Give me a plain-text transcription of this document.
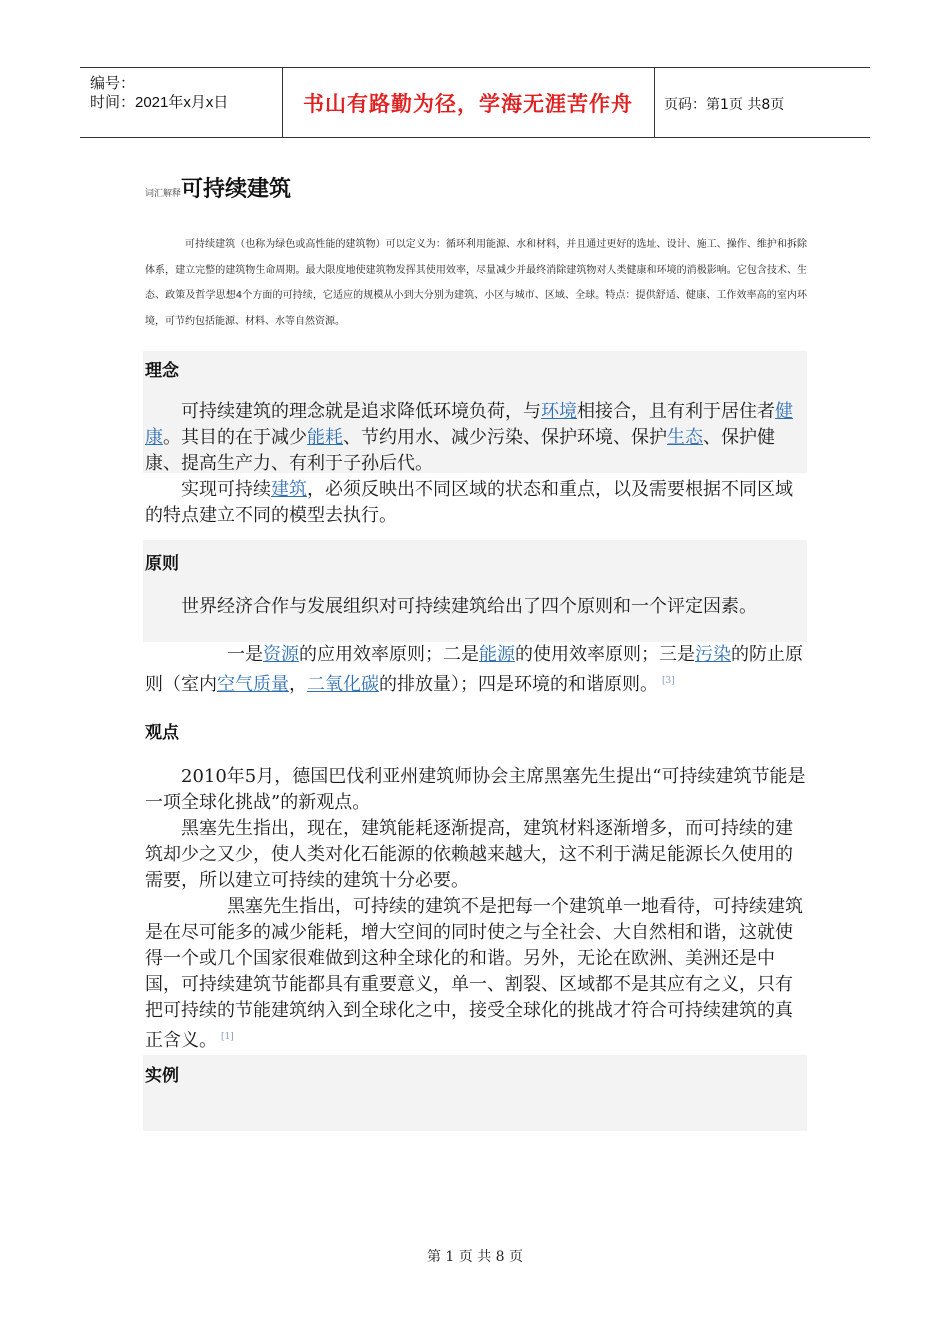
编号：
时间：2021年x月x日	书山有路勤为径，学海无涯苦作舟 页码：第1页 共8页
词汇解释可持续建筑

可持续建筑（也称为绿色或高性能的建筑物）可以定义为：循环利用能源、水和材料，并且通过更好的选址、设计、施工、操作、维护和拆除体系，建立完整的建筑物生命周期。最大限度地使建筑物发挥其使用效率，尽量减少并最终消除建筑物对人类健康和环境的消极影响。它包含技术、生态、政策及哲学思想4个方面的可持续，它适应的规模从小到大分别为建筑、小区与城市、区域、全球。特点：提供舒适、健康、工作效率高的室内环境，可节约包括能源、材料、水等自然资源。

理念

可持续建筑的理念就是追求降低环境负荷，与环境相接合，且有利于居住者健康。其目的在于减少能耗、节约用水、减少污染、保护环境、保护生态、保护健康、提高生产力、有利于子孙后代。

实现可持续建筑，必须反映出不同区域的状态和重点，以及需要根据不同区域的特点建立不同的模型去执行。

原则

世界经济合作与发展组织对可持续建筑给出了四个原则和一个评定因素。

一是资源的应用效率原则；二是能源的使用效率原则；三是污染的防止原则（室内空气质量，二氧化碳的排放量）；四是环境的和谐原则。 [3]

观点

2010年5月，德国巴伐利亚州建筑师协会主席黑塞先生提出“可持续建筑节能是一项全球化挑战”的新观点。

黑塞先生指出，现在，建筑能耗逐渐提高，建筑材料逐渐增多，而可持续的建筑却少之又少，使人类对化石能源的依赖越来越大，这不利于满足能源长久使用的需要，所以建立可持续的建筑十分必要。

黑塞先生指出，可持续的建筑不是把每一个建筑单一地看待，可持续建筑是在尽可能多的减少能耗，增大空间的同时使之与全社会、大自然相和谐，这就使得一个或几个国家很难做到这种全球化的和谐。另外，无论在欧洲、美洲还是中国，可持续建筑节能都具有重要意义，单一、割裂、区域都不是其应有之义，只有把可持续的节能建筑纳入到全球化之中，接受全球化的挑战才符合可持续建筑的真正含义。 [1]

实例
第 1 页 共 8 页
